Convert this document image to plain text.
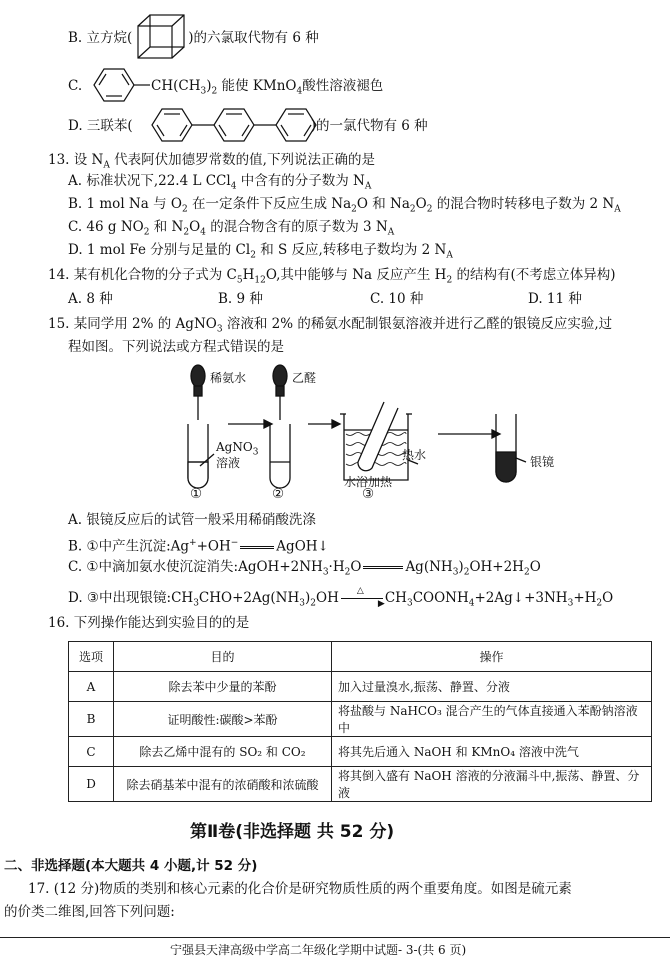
B. 立方烷(	)的六氯取代物有 6 种
C.	$CH(CH_3)_2$ 能使 KMnO$_4$酸性溶液褪色
D. 三联苯(	)的一氯代物有 6 种
13. 设 $N_A$ 代表阿伏加德罗常数的值,下列说法正确的是
A. 标准状况下,22.4 L CCl$_4$ 中含有的分子数为 $N_A$
B. 1 mol Na 与 $O_2$ 在一定条件下反应生成 $Na_2O$ 和 $Na_2O_2$ 的混合物时转移电子数为 2 $N_A$
C. 46 g $NO_2$ 和 $N_2O_4$ 的混合物含有的原子数为 3 $N_A$
D. 1 mol Fe 分别与足量的 $Cl_2$ 和 S 反应,转移电子数均为 2 $N_A$
14. 某有机化合物的分子式为 $C_5H_{12}O$,其中能够与 Na 反应产生 $H_2$ 的结构有(不考虑立体异构)
A. 8 种	B. 9 种	C. 10 种	D. 11 种
15. 某同学用 2% 的 AgNO$_3$ 溶液和 2% 的稀氨水配制银氨溶液并进行乙醛的银镜反应实验,过
程如图。下列说法或方程式错误的是
稀氨水	乙醛
AgNO$_3$
溶液
热水
水浴加热
银镜
①	②	③
A. 银镜反应后的试管一般采用稀硝酸洗涤
B. ①中产生沉淀:Ag++OH−	AgOH↓
C. ①中滴加氨水使沉淀消失$:AgOH+2NH_3\cdot H_2O$	$Ag(NH_3)_2OH+2H_2O$
D. ③中出现银镜$:CH_3CHO+2Ag(NH_3)_2OH$ △
▶ $CH_3COONH_4+2Ag↓+3NH_3+H_2O$
16. 下列操作能达到实验目的的是
选项	目的	操作
A	除去苯中少量的苯酚	加入过量溴水,振荡、静置、分液
B	证明酸性:碳酸>苯酚	将盐酸与 NaHCO₃ 混合产生的气体直接通入苯酚钠溶液中
C	除去乙烯中混有的 SO₂ 和 CO₂	将其先后通入 NaOH 和 KMnO₄ 溶液中洗气
D	除去硝基苯中混有的浓硝酸和浓硫酸	将其倒入盛有 NaOH 溶液的分液漏斗中,振荡、静置、分液
第Ⅱ卷(非选择题 共 52 分)
二、非选择题(本大题共 4 小题,计 52 分)
17. (12 分)物质的类别和核心元素的化合价是研究物质性质的两个重要角度。如图是硫元素
的价类二维图,回答下列问题:
宁强县天津高级中学高二年级化学期中试题- 3-(共 6 页)
